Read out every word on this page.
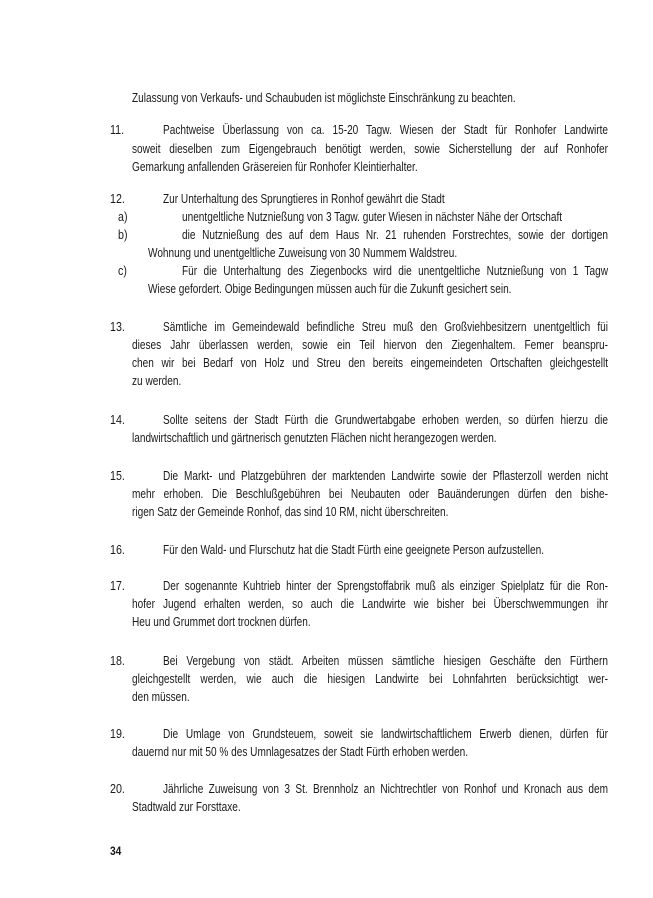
Zulassung von Verkaufs- und Schaubuden ist möglichste Einschränkung zu beachten.
34
11.	Pachtweise Überlassung von ca. 15-20 Tagw. Wiesen der Stadt für Ronhofer Landwirte
soweit dieselben zum Eigengebrauch benötigt werden, sowie Sicherstellung der auf Ronhofer
Gemarkung anfallenden Gräsereien für Ronhofer Kleintierhalter.
12.	Zur Unterhaltung des Sprungtieres in Ronhof gewährt die Stadt
a)	unentgeltliche Nutznießung von 3 Tagw. guter Wiesen in nächster Nähe der Ortschaft
b)	die Nutznießung des auf dem Haus Nr. 21 ruhenden Forstrechtes, sowie der dortigen
Wohnung und unentgeltliche Zuweisung von 30 Nummem Waldstreu.
c)	Für die Unterhaltung des Ziegenbocks wird die unentgeltliche Nutznießung von 1 Tagw
Wiese gefordert. Obige Bedingungen müssen auch für die Zukunft gesichert sein.
13.	Sämtliche im Gemeindewald befindliche Streu muß den Großviehbesitzern unentgeltlich füi
dieses Jahr überlassen werden, sowie ein Teil hiervon den Ziegenhaltem. Femer beanspru-
chen wir bei Bedarf von Holz und Streu den bereits eingemeindeten Ortschaften gleichgestellt
zu werden.
14.	Sollte seitens der Stadt Fürth die Grundwertabgabe erhoben werden, so dürfen hierzu die
landwirtschaftlich und gärtnerisch genutzten Flächen nicht herangezogen werden.
15.	Die Markt- und Platzgebühren der marktenden Landwirte sowie der Pflasterzoll werden nicht
mehr erhoben. Die Beschlußgebühren bei Neubauten oder Bauänderungen dürfen den bishe-
rigen Satz der Gemeinde Ronhof, das sind 10 RM, nicht überschreiten.
16.	Für den Wald- und Flurschutz hat die Stadt Fürth eine geeignete Person aufzustellen.
17.	Der sogenannte Kuhtrieb hinter der Sprengstoffabrik muß als einziger Spielplatz für die Ron-
hofer Jugend erhalten werden, so auch die Landwirte wie bisher bei Überschwemmungen ihr
Heu und Grummet dort trocknen dürfen.
18.	Bei Vergebung von städt. Arbeiten müssen sämtliche hiesigen Geschäfte den Fürthern
gleichgestellt werden, wie auch die hiesigen Landwirte bei Lohnfahrten berücksichtigt wer-
den müssen.
19.	Die Umlage von Grundsteuem, soweit sie landwirtschaftlichem Erwerb dienen, dürfen für
dauernd nur mit 50 % des Umnlagesatzes der Stadt Fürth erhoben werden.
20.	Jährliche Zuweisung von 3 St. Brennholz an Nichtrechtler von Ronhof und Kronach aus dem
Stadtwald zur Forsttaxe.
